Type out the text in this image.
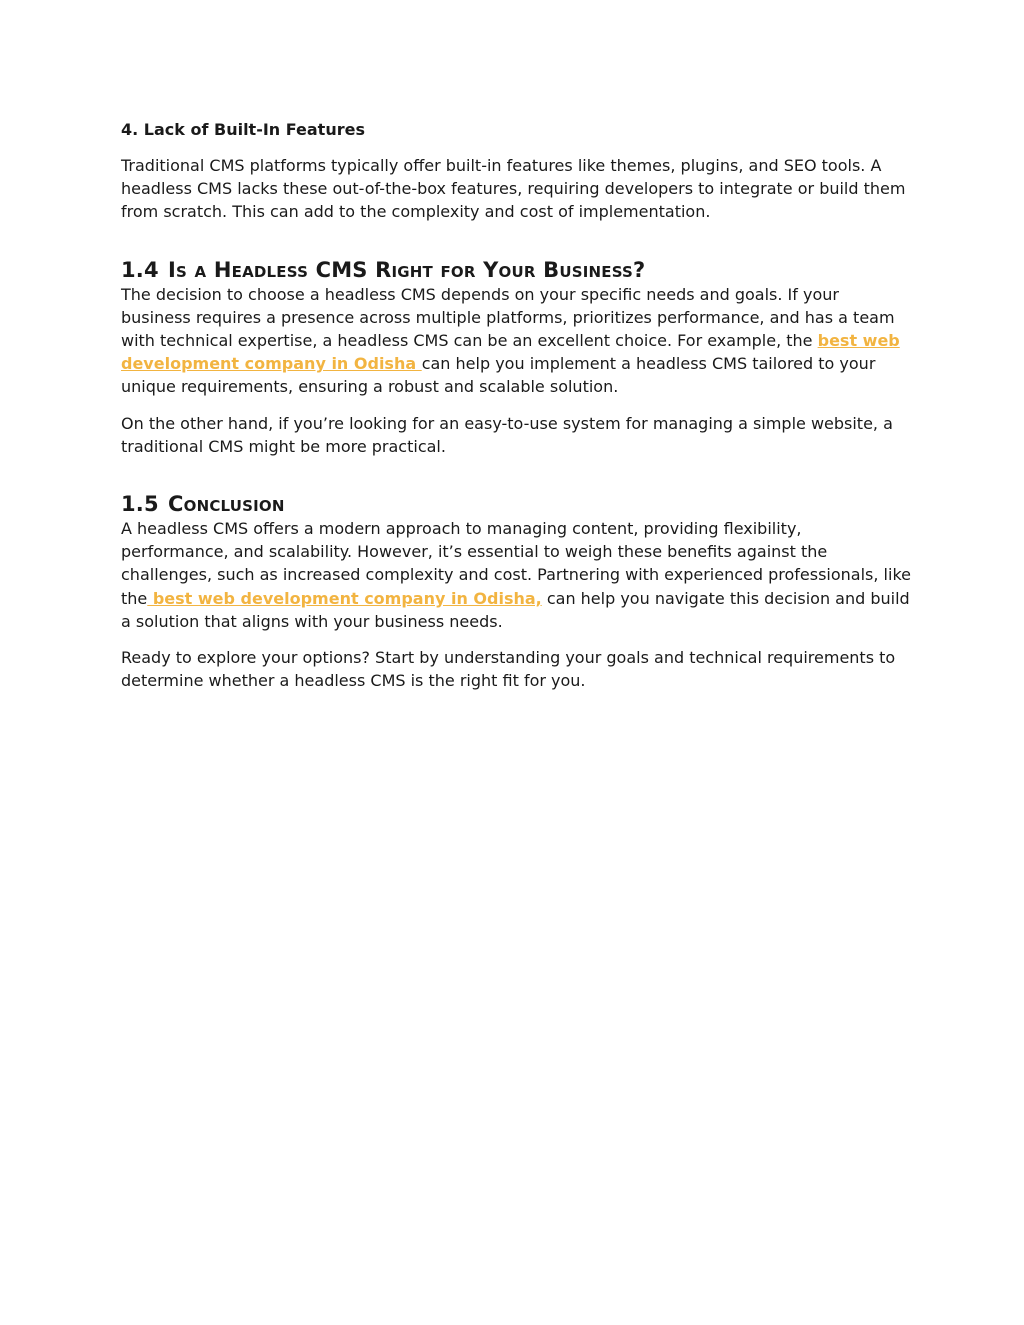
4. Lack of Built-In Features

Traditional CMS platforms typically offer built-in features like themes, plugins, and SEO tools. A headless CMS lacks these out-of-the-box features, requiring developers to integrate or build them from scratch. This can add to the complexity and cost of implementation.

1.4 Is a Headless CMS Right for Your Business?

The decision to choose a headless CMS depends on your specific needs and goals. If your business requires a presence across multiple platforms, prioritizes performance, and has a team with technical expertise, a headless CMS can be an excellent choice. For example, the best web development company in Odisha can help you implement a headless CMS tailored to your unique requirements, ensuring a robust and scalable solution.

On the other hand, if you’re looking for an easy-to-use system for managing a simple website, a traditional CMS might be more practical.

1.5 Conclusion

A headless CMS offers a modern approach to managing content, providing flexibility, performance, and scalability. However, it’s essential to weigh these benefits against the challenges, such as increased complexity and cost. Partnering with experienced professionals, like the best web development company in Odisha, can help you navigate this decision and build a solution that aligns with your business needs.

Ready to explore your options? Start by understanding your goals and technical requirements to determine whether a headless CMS is the right fit for you.
